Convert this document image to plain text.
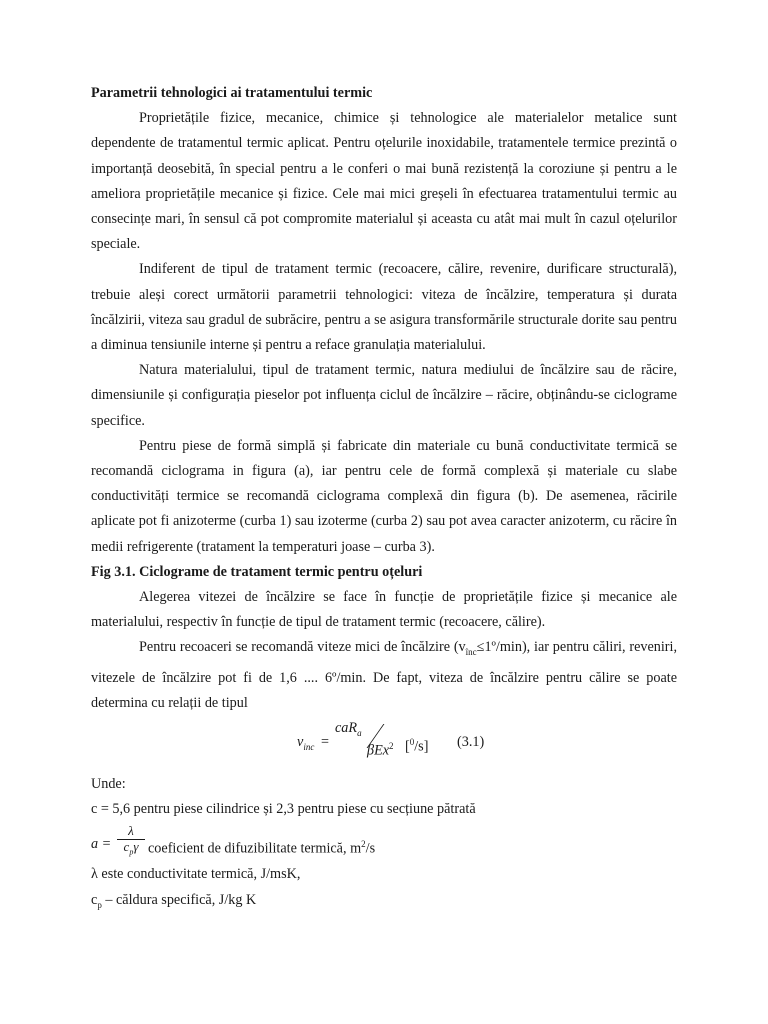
Parametrii tehnologici ai tratamentului termic

Proprietățile fizice, mecanice, chimice și tehnologice ale materialelor metalice sunt dependente de tratamentul termic aplicat. Pentru oțelurile inoxidabile, tratamentele termice prezintă o importanță deosebită, în special pentru a le conferi o mai bună rezistență la coroziune și pentru a le ameliora proprietățile mecanice și fizice. Cele mai mici greșeli în efectuarea tratamentului termic au consecințe mari, în sensul că pot compromite materialul și aceasta cu atât mai mult în cazul oțelurilor speciale.

Indiferent de tipul de tratament termic (recoacere, călire, revenire, durificare structurală), trebuie aleși corect următorii parametrii tehnologici: viteza de încălzire, temperatura și durata încălzirii, viteza sau gradul de subrăcire, pentru a se asigura transformările structurale dorite sau pentru a diminua tensiunile interne și pentru a reface granulația materialului.

Natura materialului, tipul de tratament termic, natura mediului de încălzire sau de răcire, dimensiunile și configurația pieselor pot influența ciclul de încălzire – răcire, obținându-se ciclograme specifice.

Pentru piese de formă simplă și fabricate din materiale cu bună conductivitate termică se recomandă ciclograma in figura (a), iar pentru cele de formă complexă și materiale cu slabe conductivități termice se recomandă ciclograma complexă din figura (b). De asemenea, răcirile aplicate pot fi anizoterme (curba 1) sau izoterme (curba 2) sau pot avea caracter anizoterm, cu răcire în medii refrigerente (tratament la temperaturi joase – curba 3).

Fig 3.1. Ciclograme de tratament termic pentru oțeluri

Alegerea vitezei de încălzire se face în funcție de proprietățile fizice și mecanice ale materialului, respectiv în funcție de tipul de tratament termic (recoacere, călire).

Pentru recoaceri se recomandă viteze mici de încălzire $(v_{înc}\le 1º/\min)$, iar pentru căliri, reveniri, vitezele de încălzire pot fi de 1,6 .... 6º/min. De fapt, viteza de încălzire pentru călire se poate determina cu relații de tipul

$v_{inc}$ =
caR$_a$
βEx$^2$ [$^0$/s] (3.1)

Unde:

c = 5,6 pentru piese cilindrice și 2,3 pentru piese cu secțiune pătrată

a =
λ
$c_p\gamma$ coeficient de difuzibilitate termică, $m^2/s$

λ este conductivitate termică, J/msK,

$c_p$ – căldura specifică, J/kg K
